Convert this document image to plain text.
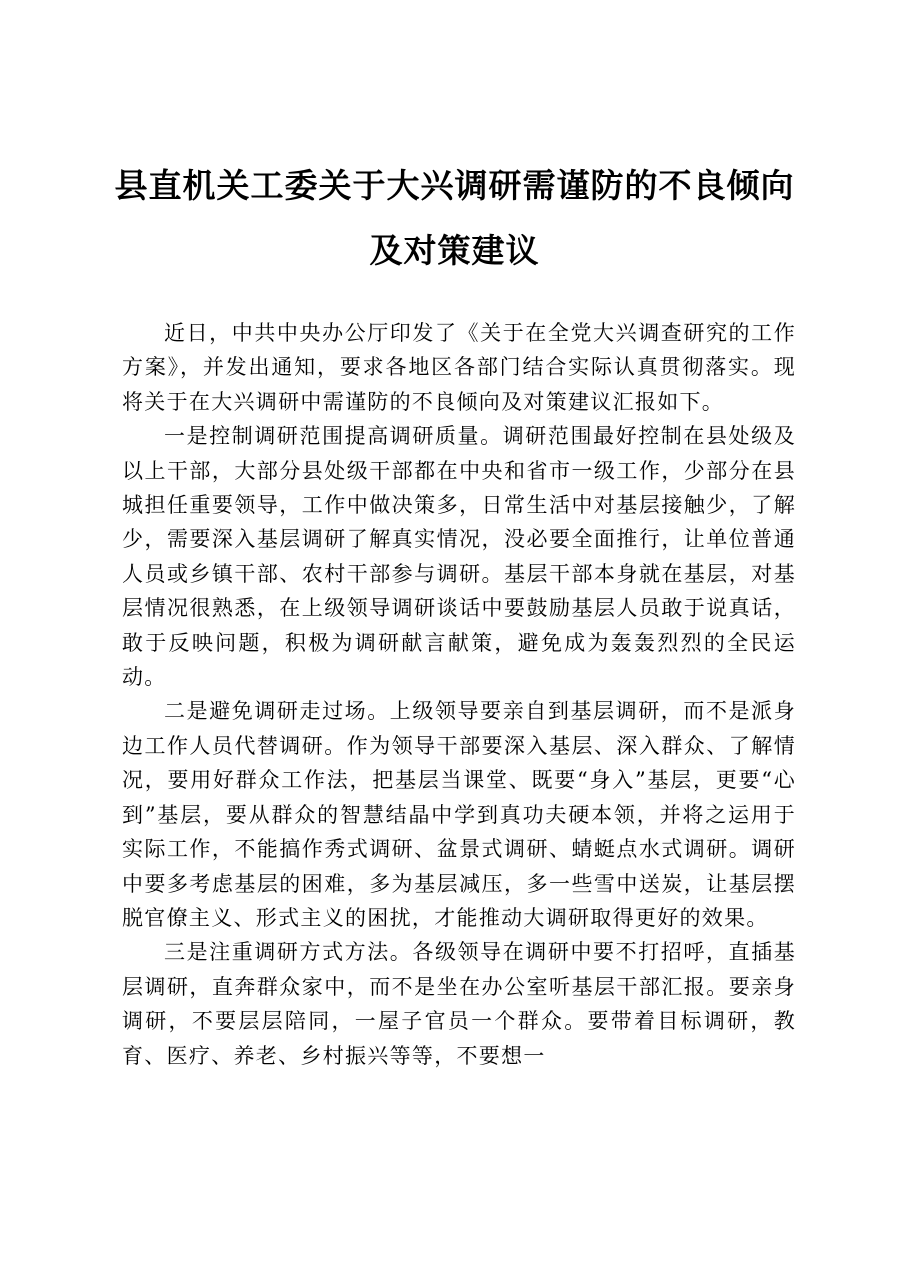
县直机关工委关于大兴调研需谨防的不良倾向
及对策建议

近日，中共中央办公厅印发了《关于在全党大兴调查研究的工作方案》，并发出通知，要求各地区各部门结合实际认真贯彻落实。现将关于在大兴调研中需谨防的不良倾向及对策建议汇报如下。

一是控制调研范围提高调研质量。调研范围最好控制在县处级及以上干部，大部分县处级干部都在中央和省市一级工作，少部分在县城担任重要领导，工作中做决策多，日常生活中对基层接触少，了解少，需要深入基层调研了解真实情况，没必要全面推行，让单位普通人员或乡镇干部、农村干部参与调研。基层干部本身就在基层，对基层情况很熟悉，在上级领导调研谈话中要鼓励基层人员敢于说真话，敢于反映问题，积极为调研献言献策，避免成为轰轰烈烈的全民运动。

二是避免调研走过场。上级领导要亲自到基层调研，而不是派身边工作人员代替调研。作为领导干部要深入基层、深入群众、了解情况，要用好群众工作法，把基层当课堂、既要“身入”基层，更要“心到”基层，要从群众的智慧结晶中学到真功夫硬本领，并将之运用于实际工作，不能搞作秀式调研、盆景式调研、蜻蜓点水式调研。调研中要多考虑基层的困难，多为基层减压，多一些雪中送炭，让基层摆脱官僚主义、形式主义的困扰，才能推动大调研取得更好的效果。

三是注重调研方式方法。各级领导在调研中要不打招呼，直插基层调研，直奔群众家中，而不是坐在办公室听基层干部汇报。要亲身调研，不要层层陪同，一屋子官员一个群众。要带着目标调研，教育、医疗、养老、乡村振兴等等，不要想一
